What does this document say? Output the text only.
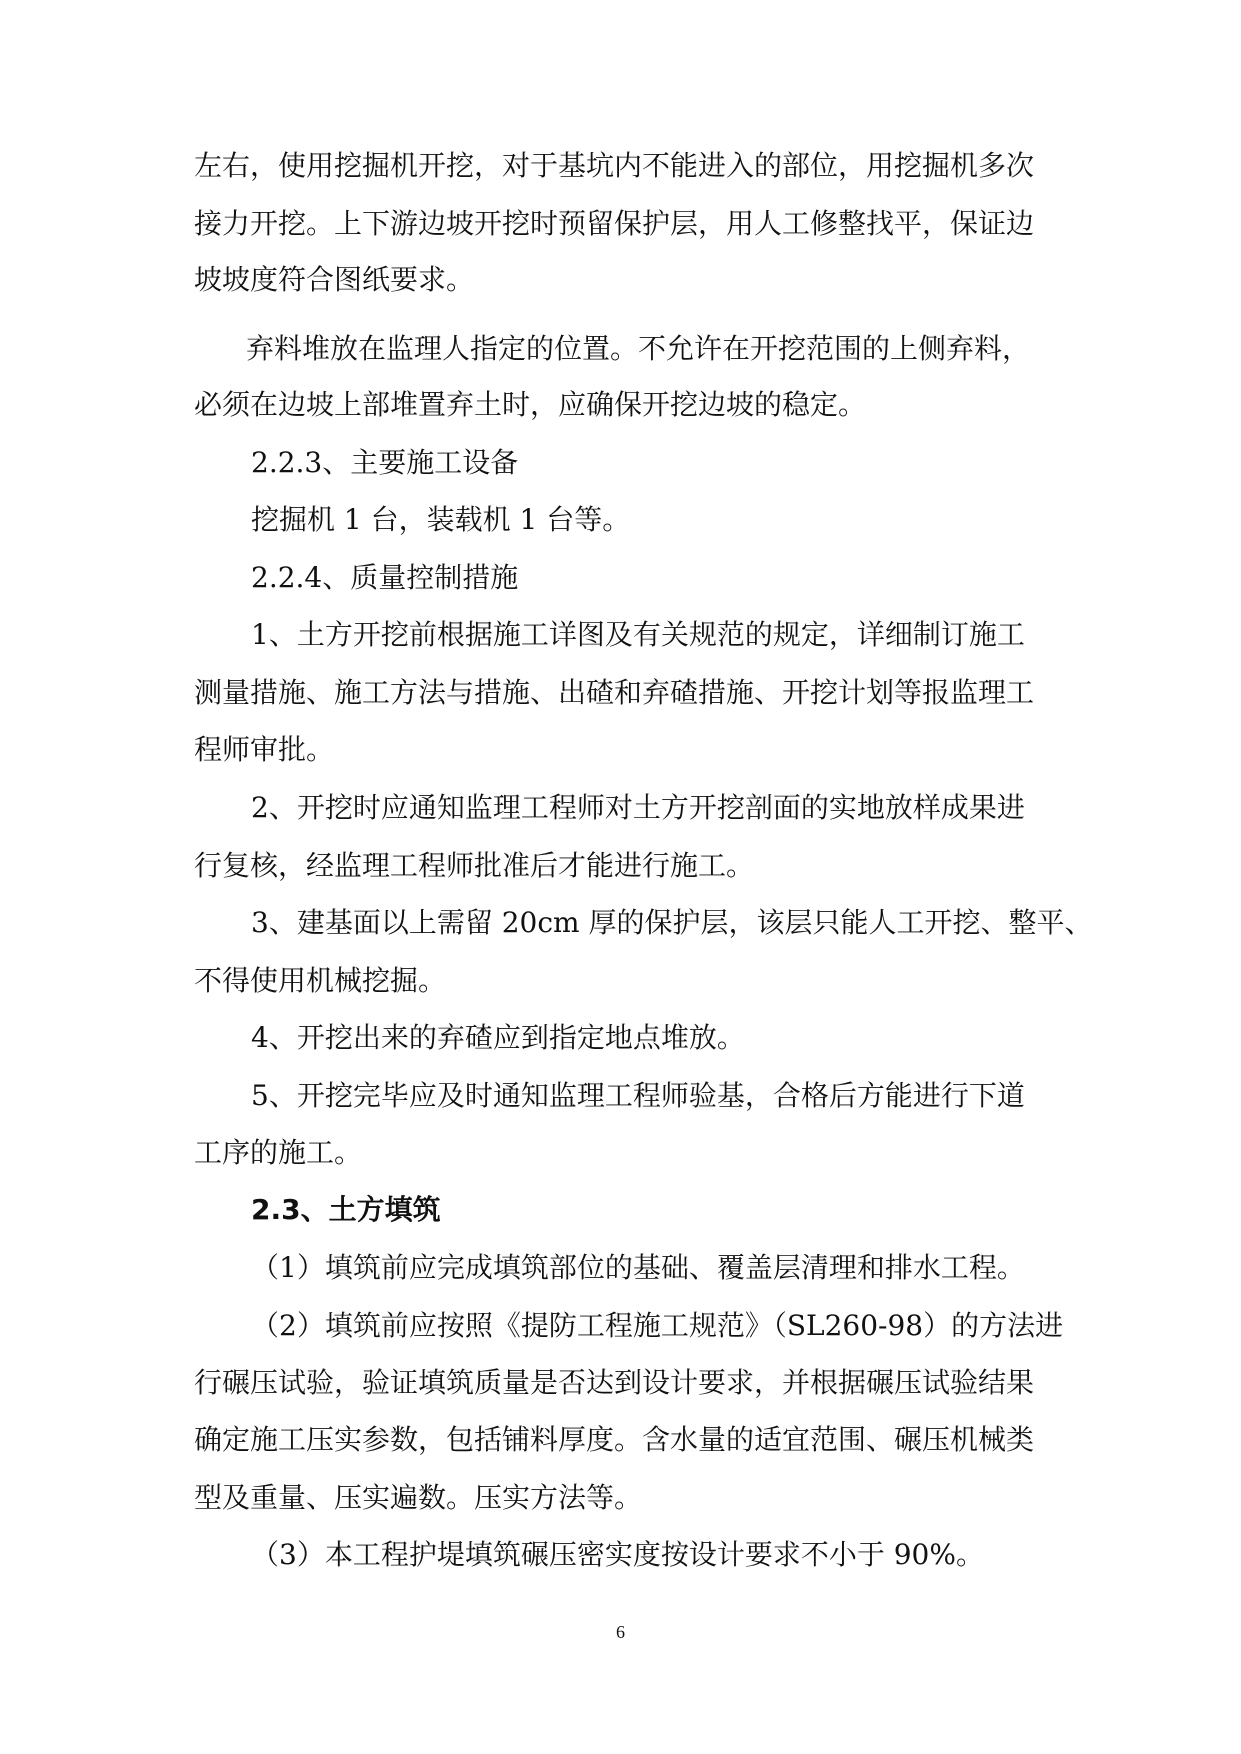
左右，使用挖掘机开挖，对于基坑内不能进入的部位，用挖掘机多次
接力开挖。上下游边坡开挖时预留保护层，用人工修整找平，保证边
坡坡度符合图纸要求。
弃料堆放在监理人指定的位置。不允许在开挖范围的上侧弃料，
必须在边坡上部堆置弃土时，应确保开挖边坡的稳定。
2.2.3、主要施工设备
挖掘机 1 台，装载机 1 台等。
2.2.4、质量控制措施
1、土方开挖前根据施工详图及有关规范的规定，详细制订施工
测量措施、施工方法与措施、出碴和弃碴措施、开挖计划等报监理工
程师审批。
2、开挖时应通知监理工程师对土方开挖剖面的实地放样成果进
行复核，经监理工程师批准后才能进行施工。
3、建基面以上需留 20cm 厚的保护层，该层只能人工开挖、整平、
不得使用机械挖掘。
4、开挖出来的弃碴应到指定地点堆放。
5、开挖完毕应及时通知监理工程师验基，合格后方能进行下道
工序的施工。
2.3、土方填筑
（1）填筑前应完成填筑部位的基础、覆盖层清理和排水工程。
（2）填筑前应按照《提防工程施工规范》（SL260-98）的方法进
行碾压试验，验证填筑质量是否达到设计要求，并根据碾压试验结果
确定施工压实参数，包括铺料厚度。含水量的适宜范围、碾压机械类
型及重量、压实遍数。压实方法等。
（3）本工程护堤填筑碾压密实度按设计要求不小于 90%。
6
